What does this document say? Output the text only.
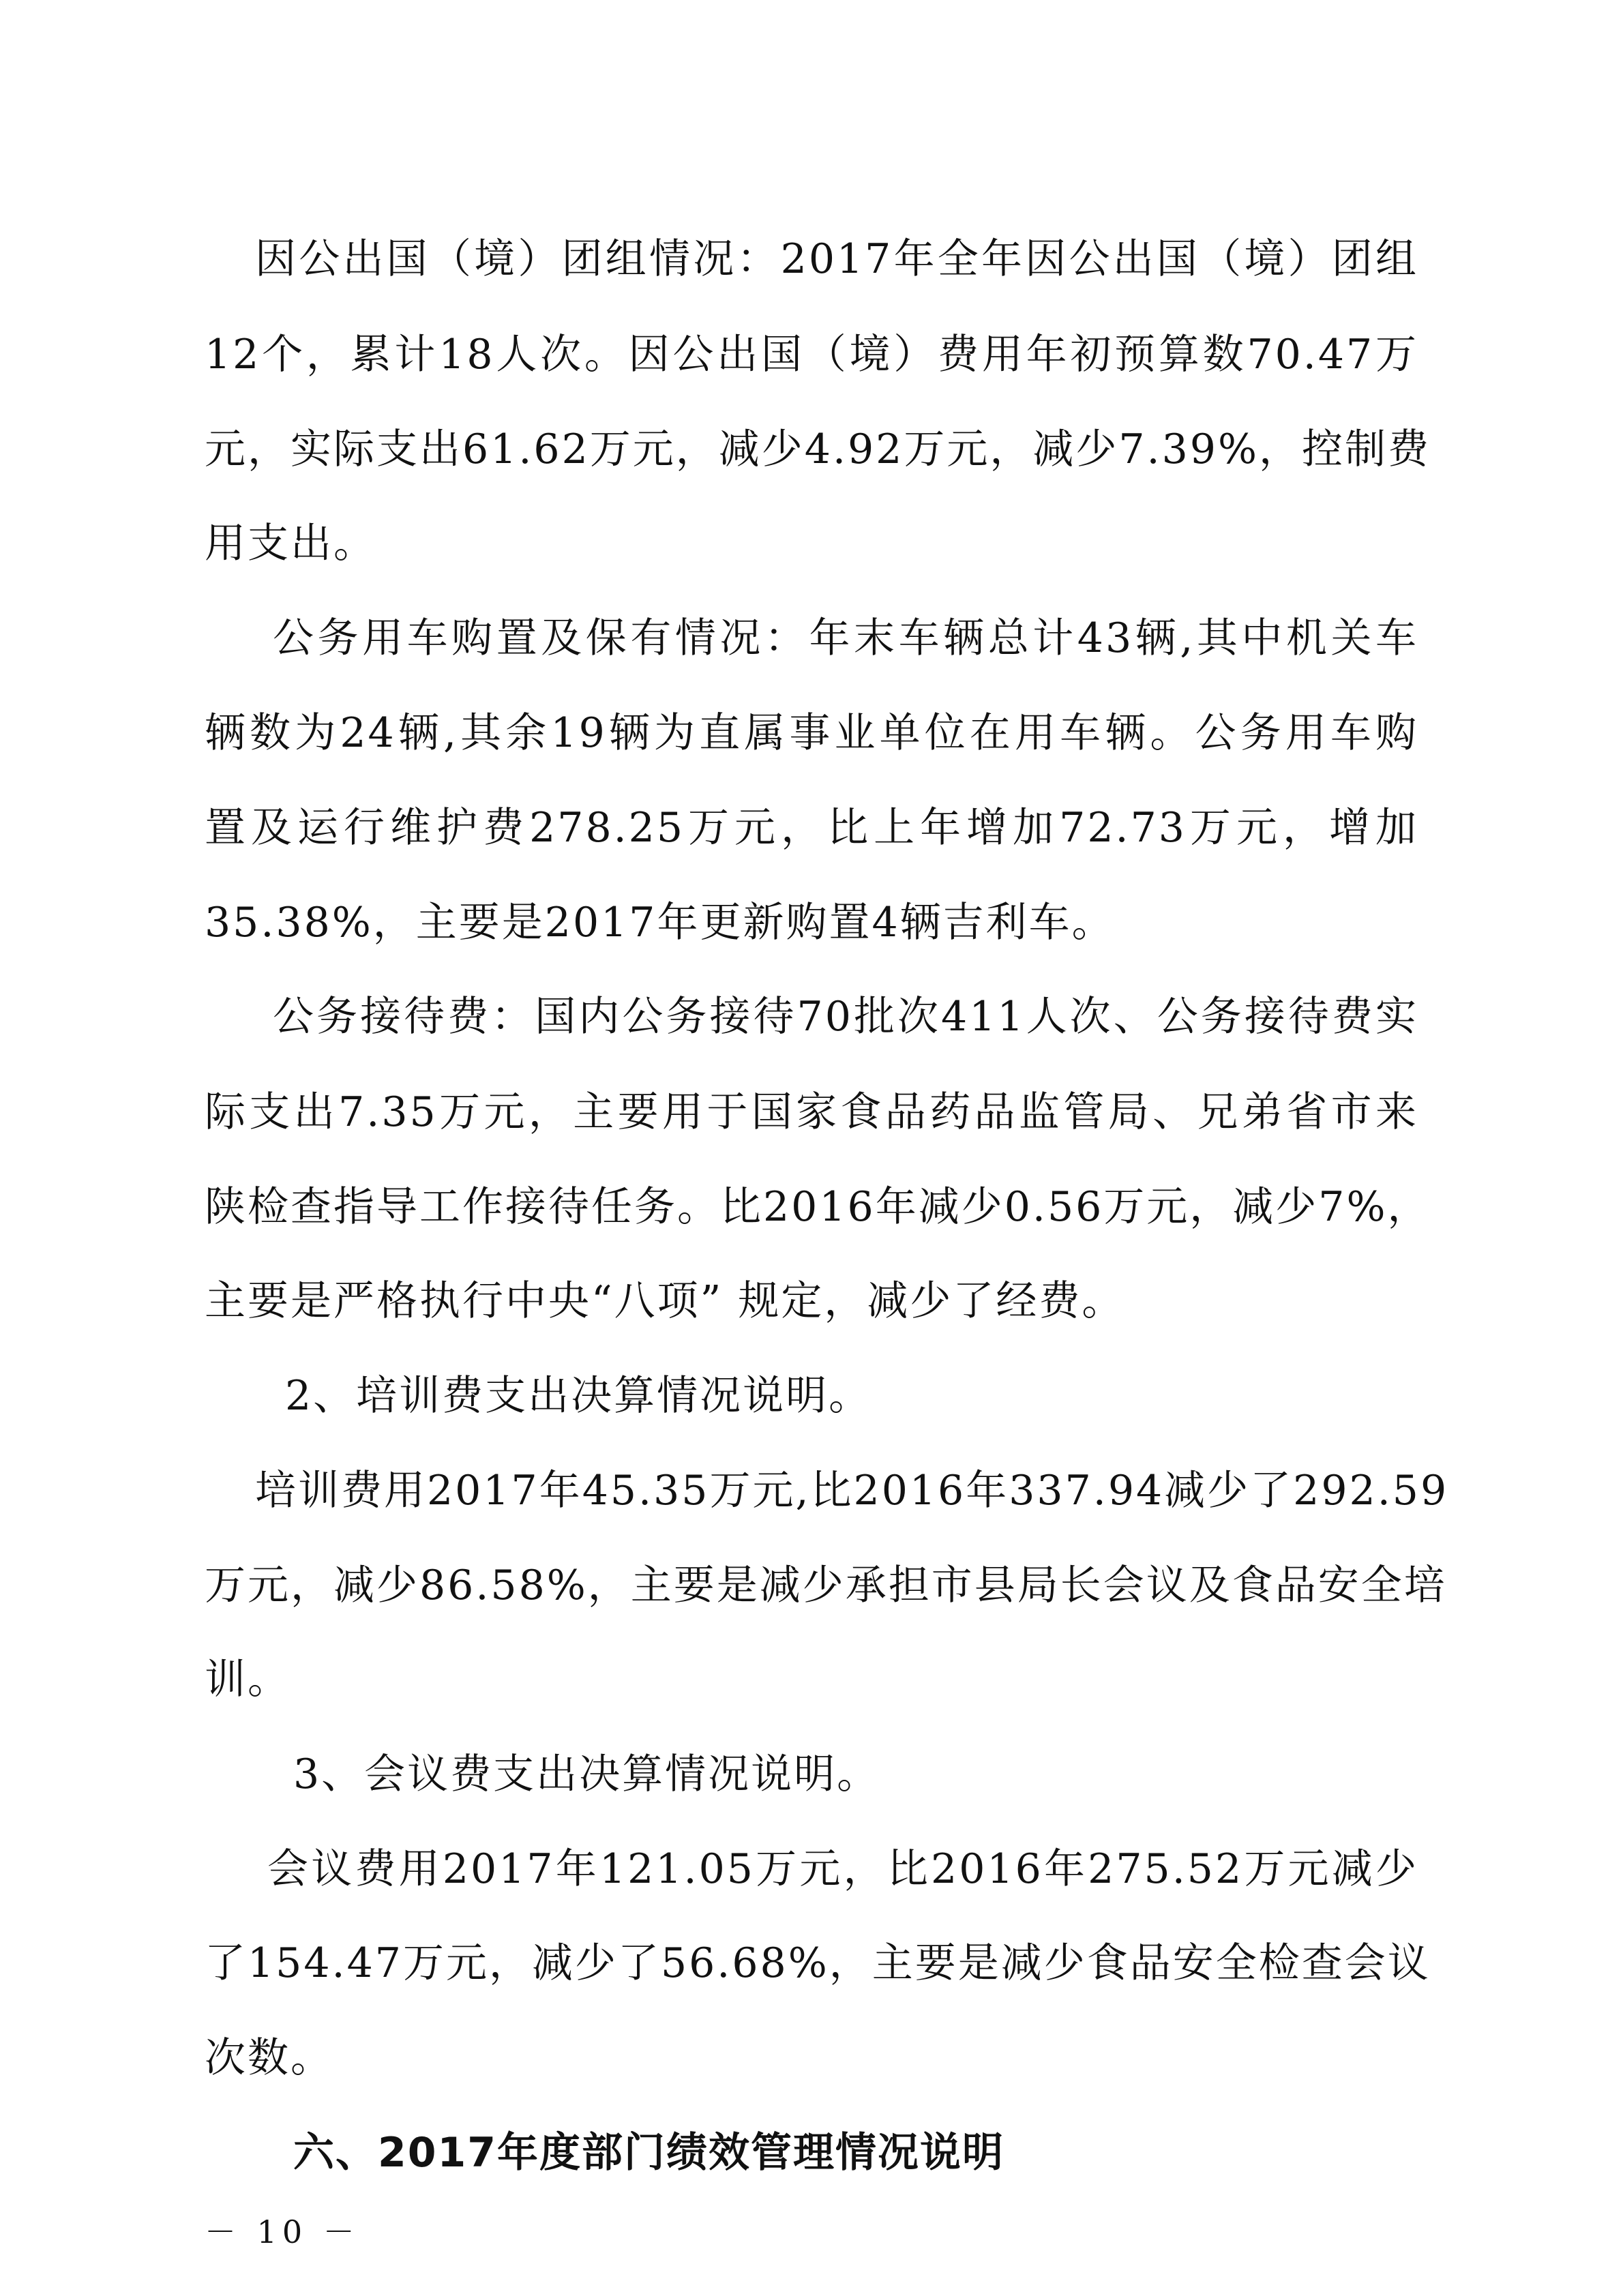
因公出国（境）团组情况：2017年全年因公出国（境）团组
12个，累计18人次。因公出国（境）费用年初预算数70.47万
元，实际支出61.62万元，减少4.92万元，减少7.39%，控制费
用支出。
公务用车购置及保有情况：年末车辆总计43辆,其中机关车
辆数为24辆,其余19辆为直属事业单位在用车辆。公务用车购
置及运行维护费278.25万元，比上年增加72.73万元，增加
35.38%，主要是2017年更新购置4辆吉利车。
公务接待费：国内公务接待70批次411人次、公务接待费实
际支出7.35万元，主要用于国家食品药品监管局、兄弟省市来
陕检查指导工作接待任务。比2016年减少0.56万元，减少7%，
主要是严格执行中央“八项” 规定，减少了经费。
2、培训费支出决算情况说明。
培训费用2017年45.35万元,比2016年337.94减少了292.59
万元，减少86.58%，主要是减少承担市县局长会议及食品安全培
训。
3、会议费支出决算情况说明。
会议费用2017年121.05万元，比2016年275.52万元减少
了154.47万元，减少了56.68%，主要是减少食品安全检查会议
次数。
六、2017年度部门绩效管理情况说明
－ 10 －
